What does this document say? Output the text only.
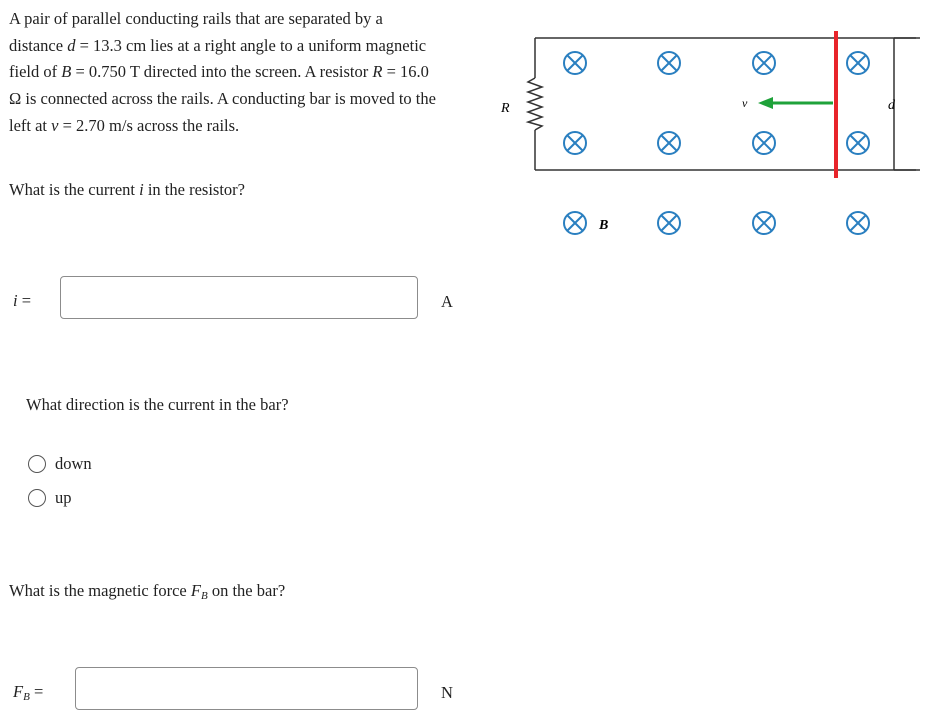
A pair of parallel conducting rails that are separated by a distance d = 13.3 cm lies at a right angle to a uniform magnetic field of B = 0.750 T directed into the screen. A resistor R = 16.0 Ω is connected across the rails. A conducting bar is moved to the left at v = 2.70 m/s across the rails.

What is the current i in the resistor?

i =	A

What direction is the current in the bar?

down
up

What is the magnetic force $F_B$ on the bar?

$F_B$ =	N
R
B
v	d
